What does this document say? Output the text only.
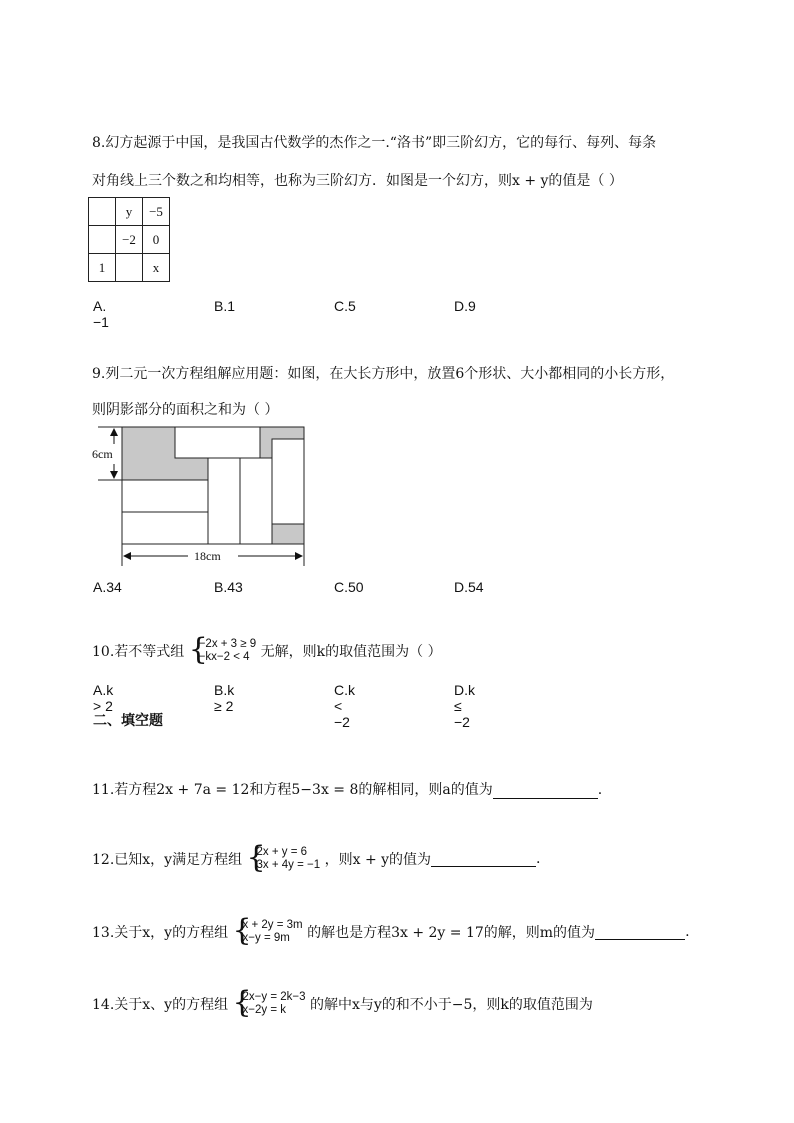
8.幻方起源于中国，是我国古代数学的杰作之一.“洛书”即三阶幻方，它的每行、每列、每条
对角线上三个数之和均相等，也称为三阶幻方．如图是一个幻方，则x + y的值是（ ）
	y	−5
	−2	0
1		x
A.−1
B.1	C.5	D.9
9.列二元一次方程组解应用题：如图，在大长方形中，放置6个形状、大小都相同的小长方形，
则阴影部分的面积之和为（ ）
6cm
18cm
A.34	B.43	C.50	D.54
10.若不等式组 {
−2x + 3 ≥ 9
−kx−2 < 4 无解，则k的取值范围为（ ）
A.k > 2
B.k ≥ 2
C.k < −2
D.k ≤ −2
二、填空题
11.若方程2x + 7a = 12和方程5−3x = 8的解相同，则a的值为	.
12.已知x，y满足方程组 {
2x + y = 6
3x + 4y = −1 ，则x + y的值为	.
13.关于x，y的方程组 {
x + 2y = 3m
x−y = 9m	的解也是方程3x + 2y = 17的解，则m的值为	.
14.关于x、y的方程组 {
2x−y = 2k−3
x−2y = k	的解中x与y的和不小于−5，则k的取值范围为
